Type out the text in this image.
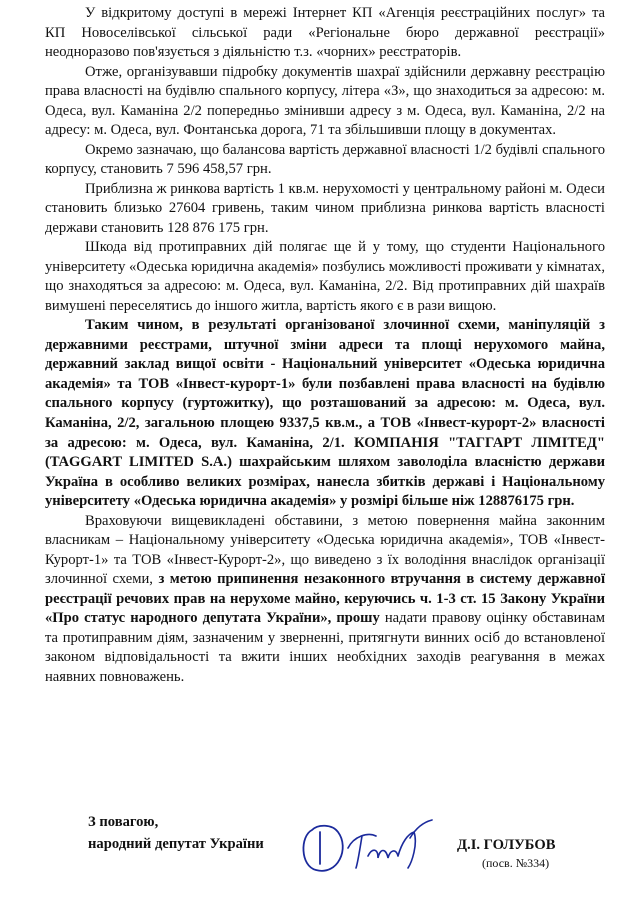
У відкритому доступі в мережі Інтернет КП «Агенція реєстраційних послуг» та КП Новоселівської сільської ради «Регіональне бюро державної реєстрації» неодноразово пов'язується з діяльністю т.з. «чорних» реєстраторів.

Отже, організувавши підробку документів шахраї здійснили державну реєстрацію права власності на будівлю спального корпусу, літера «З», що знаходиться за адресою: м. Одеса, вул. Каманіна 2/2 попередньо змінивши адресу з м. Одеса, вул. Каманіна, 2/2 на адресу: м. Одеса, вул. Фонтанська дорога, 71 та збільшивши площу в документах.

Окремо зазначаю, що балансова вартість державної власності 1/2 будівлі спального корпусу, становить 7 596 458,57 грн.

Приблизна ж ринкова вартість 1 кв.м. нерухомості у центральному районі м. Одеси становить близько 27604 гривень, таким чином приблизна ринкова вартість власності держави становить 128 876 175 грн.

Шкода від протиправних дій полягає ще й у тому, що студенти Національного університету «Одеська юридична академія» позбулись можливості проживати у кімнатах, що знаходяться за адресою: м. Одеса, вул. Каманіна, 2/2. Від протиправних дій шахраїв вимушені переселятись до іншого житла, вартість якого є в рази вищою.

Таким чином, в результаті організованої злочинної схеми, маніпуляцій з державними реєстрами, штучної зміни адреси та площі нерухомого майна, державний заклад вищої освіти - Національний університет «Одеська юридична академія» та ТОВ «Інвест-курорт-1» були позбавлені права власності на будівлю спального корпусу (гуртожитку), що розташований за адресою: м. Одеса, вул. Каманіна, 2/2, загальною площею 9337,5 кв.м., а ТОВ «Інвест-курорт-2» власності за адресою: м. Одеса, вул. Каманіна, 2/1. КОМПАНІЯ "ТАГГАРТ ЛІМІТЕД" (TAGGART LIMITED S.A.) шахрайським шляхом заволоділа власністю держави Україна в особливо великих розмірах, нанесла збитків державі і Національному університету «Одеська юридична академія» у розмірі більше ніж 128876175 грн.

Враховуючи вищевикладені обставини, з метою повернення майна законним власникам – Національному університету «Одеська юридична академія», ТОВ «Інвест-Курорт-1» та ТОВ «Інвест-Курорт-2», що виведено з їх володіння внаслідок організації злочинної схеми, з метою припинення незаконного втручання в систему державної реєстрації речових прав на нерухоме майно, керуючись ч. 1-3 ст. 15 Закону України «Про статус народного депутата України», прошу надати правову оцінку обставинам та протиправним діям, зазначеним у зверненні, притягнути винних осіб до встановленої законом відповідальності та вжити інших необхідних заходів реагування в межах наявних повноважень.

З повагою,
народний депутат України	Д.І. ГОЛУБОВ
(посв. №334)
